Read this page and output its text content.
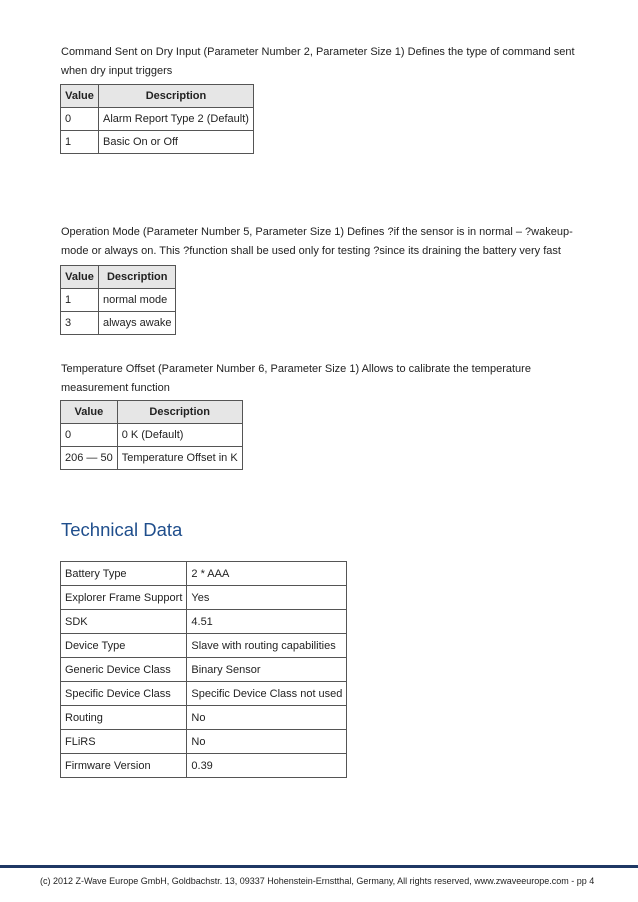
Command Sent on Dry Input (Parameter Number 2, Parameter Size 1) Defines the type of command sent when dry input triggers

Value	Description
0	Alarm Report Type 2 (Default)
1	Basic On or Off

Operation Mode (Parameter Number 5, Parameter Size 1) Defines ?if the sensor is in normal – ?wakeup-mode or always on. This ?function shall be used only for testing ?since its draining the battery very fast

Value	Description
1	normal mode
3	always awake

Temperature Offset (Parameter Number 6, Parameter Size 1) Allows to calibrate the temperature measurement function

Value	Description
0	0 K (Default)
206 — 50	Temperature Offset in K
Technical Data
Battery Type	2 * AAA
Explorer Frame Support	Yes
SDK	4.51
Device Type	Slave with routing capabilities
Generic Device Class	Binary Sensor
Specific Device Class	Specific Device Class not used
Routing	No
FLiRS	No
Firmware Version	0.39
(c) 2012 Z-Wave Europe GmbH, Goldbachstr. 13, 09337 Hohenstein-Ernstthal, Germany, All rights reserved, www.zwaveeurope.com - pp 4
